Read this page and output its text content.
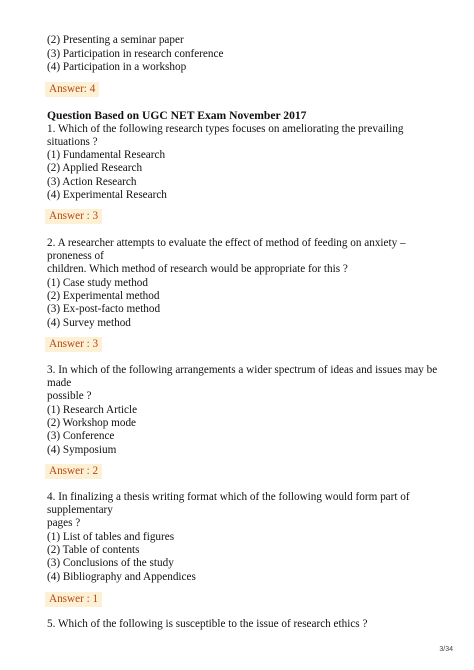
(2) Presenting a seminar paper
(3) Participation in research conference
(4) Participation in a workshop
Answer: 4
Question Based on UGC NET Exam November 2017
1. Which of the following research types focuses on ameliorating the prevailing
situations ?
(1) Fundamental Research
(2) Applied Research
(3) Action Research
(4) Experimental Research
Answer : 3
2. A researcher attempts to evaluate the effect of method of feeding on anxiety –
proneness of
children. Which method of research would be appropriate for this ?
(1) Case study method
(2) Experimental method
(3) Ex-post-facto method
(4) Survey method
Answer : 3
3. In which of the following arrangements a wider spectrum of ideas and issues may be
made
possible ?
(1) Research Article
(2) Workshop mode
(3) Conference
(4) Symposium
Answer : 2
4. In finalizing a thesis writing format which of the following would form part of
supplementary
pages ?
(1) List of tables and figures
(2) Table of contents
(3) Conclusions of the study
(4) Bibliography and Appendices
Answer : 1
5. Which of the following is susceptible to the issue of research ethics ?
3/34
